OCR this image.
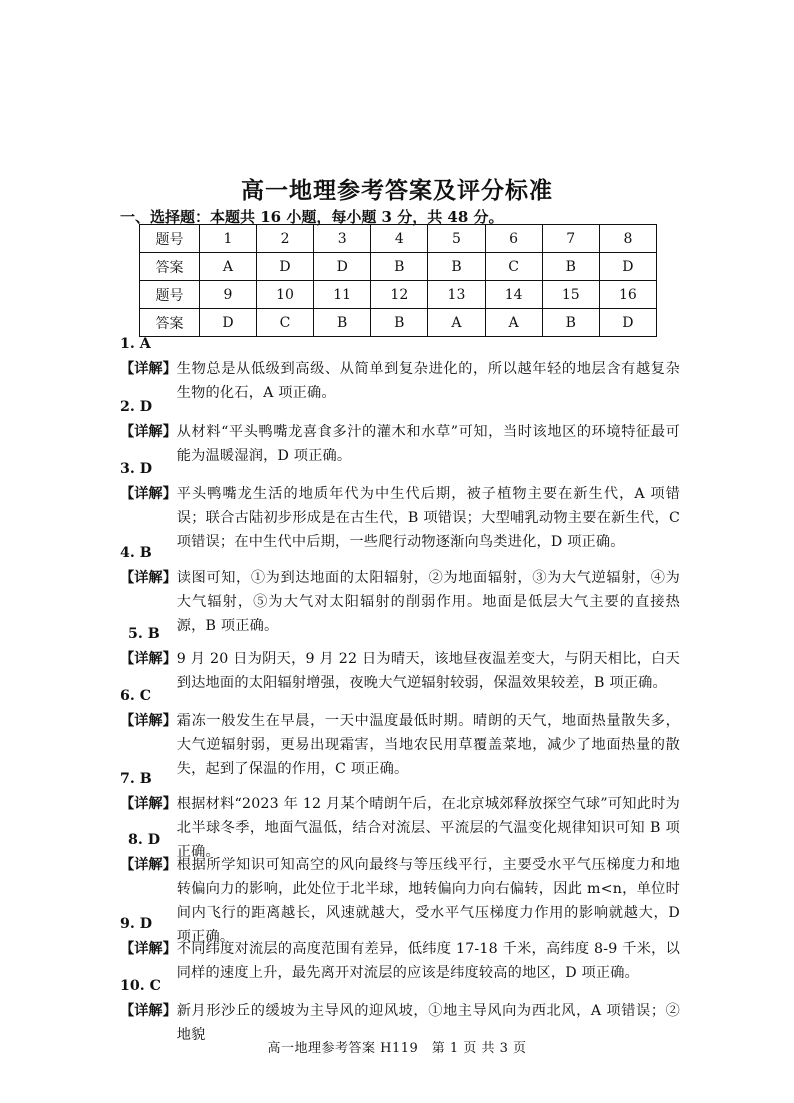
高一地理参考答案及评分标准
一、选择题：本题共 16 小题，每小题 3 分，共 48 分。
题号	1	2	3	4	5	6	7	8
答案	A	D	D	B	B	C	B	D
题号	9	10	11	12	13	14	15	16
答案	D	C	B	B	A	A	B	D
1. A
【详解】 生物总是从低级到高级、从简单到复杂进化的，所以越年轻的地层含有越复杂生物的化石，A 项正确。
2. D
【详解】 从材料“平头鸭嘴龙喜食多汁的灌木和水草”可知，当时该地区的环境特征最可能为温暖湿润，D 项正确。
3. D
【详解】 平头鸭嘴龙生活的地质年代为中生代后期，被子植物主要在新生代，A 项错误；联合古陆初步形成是在古生代，B 项错误；大型哺乳动物主要在新生代，C 项错误；在中生代中后期，一些爬行动物逐渐向鸟类进化，D 项正确。
4. B
【详解】 读图可知，①为到达地面的太阳辐射，②为地面辐射，③为大气逆辐射，④为大气辐射，⑤为大气对太阳辐射的削弱作用。地面是低层大气主要的直接热源，B 项正确。
5. B
【详解】 9 月 20 日为阴天，9 月 22 日为晴天，该地昼夜温差变大，与阴天相比，白天到达地面的太阳辐射增强，夜晚大气逆辐射较弱，保温效果较差，B 项正确。
6. C
【详解】 霜冻一般发生在早晨，一天中温度最低时期。晴朗的天气，地面热量散失多，大气逆辐射弱，更易出现霜害，当地农民用草覆盖菜地，减少了地面热量的散失，起到了保温的作用，C 项正确。
7. B
【详解】 根据材料“2023 年 12 月某个晴朗午后，在北京城郊释放探空气球”可知此时为北半球冬季，地面气温低，结合对流层、平流层的气温变化规律知识可知 B 项正确。
8. D
【详解】 根据所学知识可知高空的风向最终与等压线平行，主要受水平气压梯度力和地转偏向力的影响，此处位于北半球，地转偏向力向右偏转，因此 m<n，单位时间内飞行的距离越长，风速就越大，受水平气压梯度力作用的影响就越大，D 项正确。
9. D
【详解】 不同纬度对流层的高度范围有差异，低纬度 17-18 千米，高纬度 8-9 千米，以同样的速度上升，最先离开对流层的应该是纬度较高的地区，D 项正确。
10. C
【详解】 新月形沙丘的缓坡为主导风的迎风坡，①地主导风向为西北风，A 项错误；②地貌
高一地理参考答案 H119　第 1 页 共 3 页
